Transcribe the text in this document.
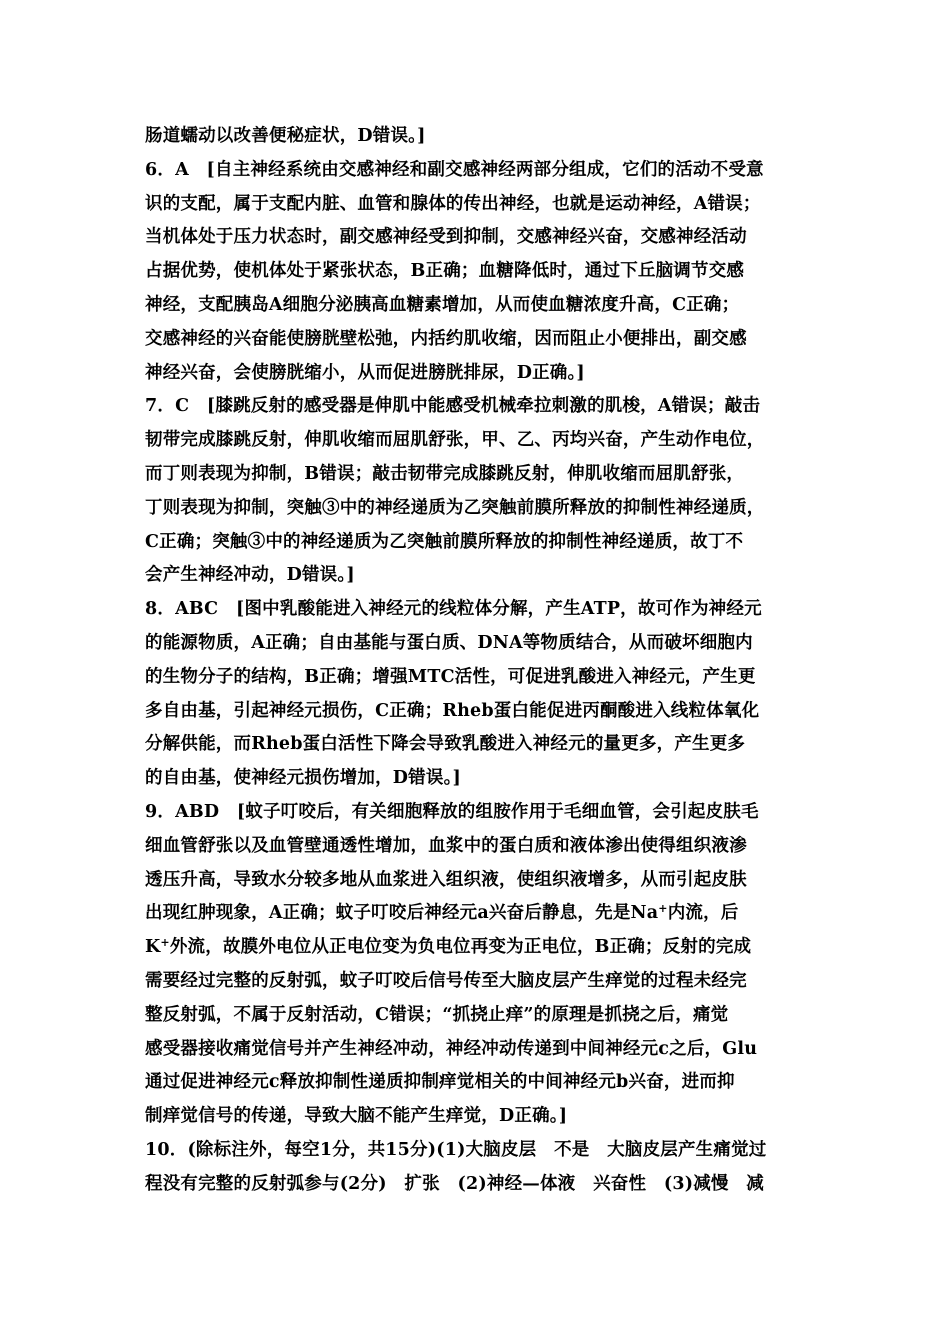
肠道蠕动以改善便秘症状，D错误。]
6．A　[自主神经系统由交感神经和副交感神经两部分组成，它们的活动不受意
识的支配，属于支配内脏、血管和腺体的传出神经，也就是运动神经，A错误；
当机体处于压力状态时，副交感神经受到抑制，交感神经兴奋，交感神经活动
占据优势，使机体处于紧张状态，B正确；血糖降低时，通过下丘脑调节交感
神经，支配胰岛A细胞分泌胰高血糖素增加，从而使血糖浓度升高，C正确；
交感神经的兴奋能使膀胱壁松弛，内括约肌收缩，因而阻止小便排出，副交感
神经兴奋，会使膀胱缩小，从而促进膀胱排尿，D正确。]
7．C　[膝跳反射的感受器是伸肌中能感受机械牵拉刺激的肌梭，A错误；敲击
韧带完成膝跳反射，伸肌收缩而屈肌舒张，甲、乙、丙均兴奋，产生动作电位，
而丁则表现为抑制，B错误；敲击韧带完成膝跳反射，伸肌收缩而屈肌舒张，
丁则表现为抑制，突触③中的神经递质为乙突触前膜所释放的抑制性神经递质，
C正确；突触③中的神经递质为乙突触前膜所释放的抑制性神经递质，故丁不
会产生神经冲动，D错误。]
8．ABC　[图中乳酸能进入神经元的线粒体分解，产生ATP，故可作为神经元
的能源物质，A正确；自由基能与蛋白质、DNA等物质结合，从而破坏细胞内
的生物分子的结构，B正确；增强MTC活性，可促进乳酸进入神经元，产生更
多自由基，引起神经元损伤，C正确；Rheb蛋白能促进丙酮酸进入线粒体氧化
分解供能，而Rheb蛋白活性下降会导致乳酸进入神经元的量更多，产生更多
的自由基，使神经元损伤增加，D错误。]
9．ABD　[蚊子叮咬后，有关细胞释放的组胺作用于毛细血管，会引起皮肤毛
细血管舒张以及血管壁通透性增加，血浆中的蛋白质和液体渗出使得组织液渗
透压升高，导致水分较多地从血浆进入组织液，使组织液增多，从而引起皮肤
出现红肿现象，A正确；蚊子叮咬后神经元a兴奋后静息，先是Na+内流，后
K+外流，故膜外电位从正电位变为负电位再变为正电位，B正确；反射的完成
需要经过完整的反射弧，蚊子叮咬后信号传至大脑皮层产生痒觉的过程未经完
整反射弧，不属于反射活动，C错误；“抓挠止痒”的原理是抓挠之后，痛觉
感受器接收痛觉信号并产生神经冲动，神经冲动传递到中间神经元c之后，Glu
通过促进神经元c释放抑制性递质抑制痒觉相关的中间神经元b兴奋，进而抑
制痒觉信号的传递，导致大脑不能产生痒觉，D正确。]
10．(除标注外，每空1分，共15分)(1)大脑皮层　不是　大脑皮层产生痛觉过
程没有完整的反射弧参与(2分)　扩张　(2)神经—体液　兴奋性　(3)减慢　减
